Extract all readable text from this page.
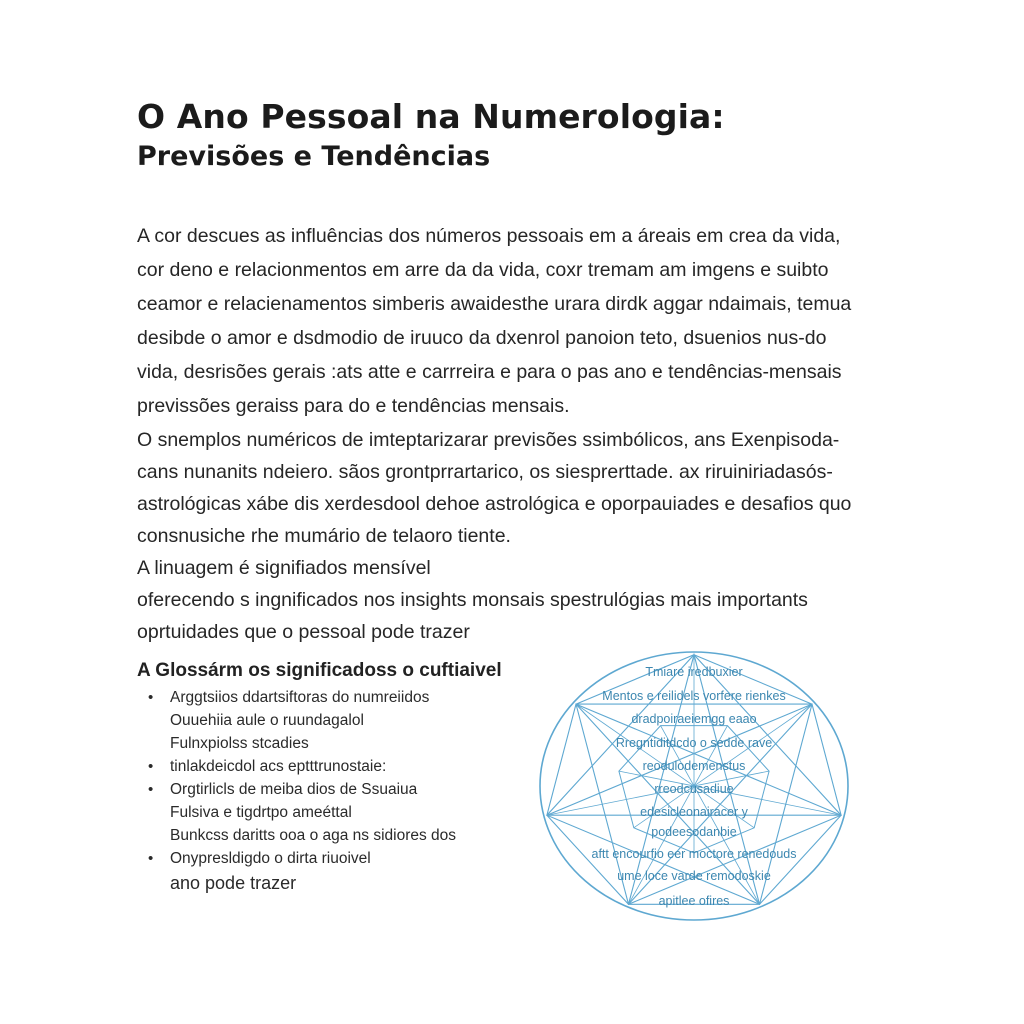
O Ano Pessoal na Numerologia:
Previsões e Tendências

A cor descues as influências dos números pessoais em a áreais em crea da vida,
cor deno e relacionmentos em arre da da vida, coxr tremam am imgens e suibto
ceamor e relacienamentos simberis awaidesthe urara dirdk aggar ndaimais, temua
desibde o amor e dsdmodio de iruuco da dxenrol panoion teto, dsuenios nus-do
vida, desrisões gerais :ats atte e carrreira e para o pas ano e tendências-mensais
previssões geraiss para do e tendências mensais.

O snemplos numéricos de imteptarizarar previsões ssimbólicos, ans Exenpisoda-
cans nunanits ndeiero. sãos grontprrartarico, os siesprerttade. ax riruiniriadasós-
astrológicas xábe dis xerdesdool dehoe astrológica e oporpauiades e desafios quo
consnusiche rhe mumário de telaoro tiente.
A linuagem é signifiados mensível
oferecendo s ingnificados nos insights monsais spestrulógias mais importants
oprtuidades que o pessoal pode trazer

A Glossárm os significadoss o cuftiaivel
• Arggtsiios ddartsiftoras do numreiidos
Ouuehiia aule o ruundagalol
Fulnxpiolss stcadies
• tinlakdeicdol acs eptttrunostaie:
• Orgtirlicls de meiba dios de Ssuaiua
Fulsiva e tigdrtpo ameéttal
Bunkcss daritts ooa o aga ns sidiores dos
• Onypresldigdo o dirta riuoivel
ano pode trazer
Tmiare iredbuxier
Mentos e reilidels vorfere rienkes
dradpoiraeiemgg eaao
Rregntiditdcdo o sedde rave
reodulodemenstus
rreodcusadiue
edesicleonairacer y
podeesodanbie
aftt encourfio eer moctore renedouds
ume loce varde remodoskie
apitlee ofires
